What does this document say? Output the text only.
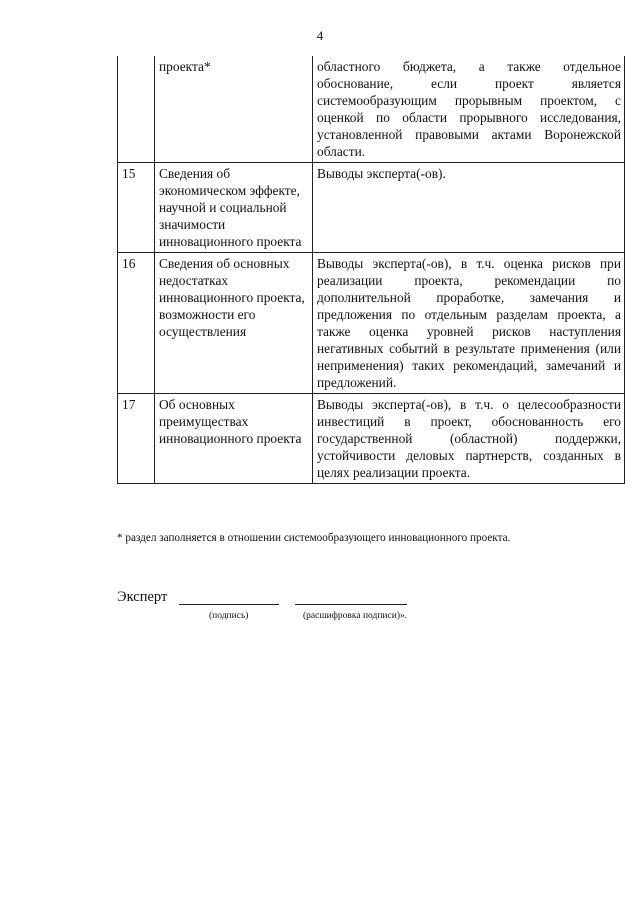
4
	проекта*	областного бюджета, а также отдельное обоснование, если проект является системообразующим прорывным проектом, с оценкой по области прорывного исследования, установленной правовыми актами Воронежской области.
15	Сведения об экономическом эффекте, научной и социальной значимости инновационного проекта	Выводы эксперта(-ов).
16	Сведения об основных недостатках инновационного проекта, возможности его осуществления	Выводы эксперта(-ов), в т.ч. оценка рисков при реализации проекта, рекомендации по дополнительной проработке, замечания и предложения по отдельным разделам проекта, а также оценка уровней рисков наступления негативных событий в результате применения (или неприменения) таких рекомендаций, замечаний и предложений.
17	Об основных преимуществах инновационного проекта	Выводы эксперта(-ов), в т.ч. о целесообразности инвестиций в проект, обоснованность его государственной (областной) поддержки, устойчивости деловых партнерств, созданных в целях реализации проекта.
* раздел заполняется в отношении системообразующего инновационного проекта.
Эксперт
(подпись)	(расшифровка подписи)».
